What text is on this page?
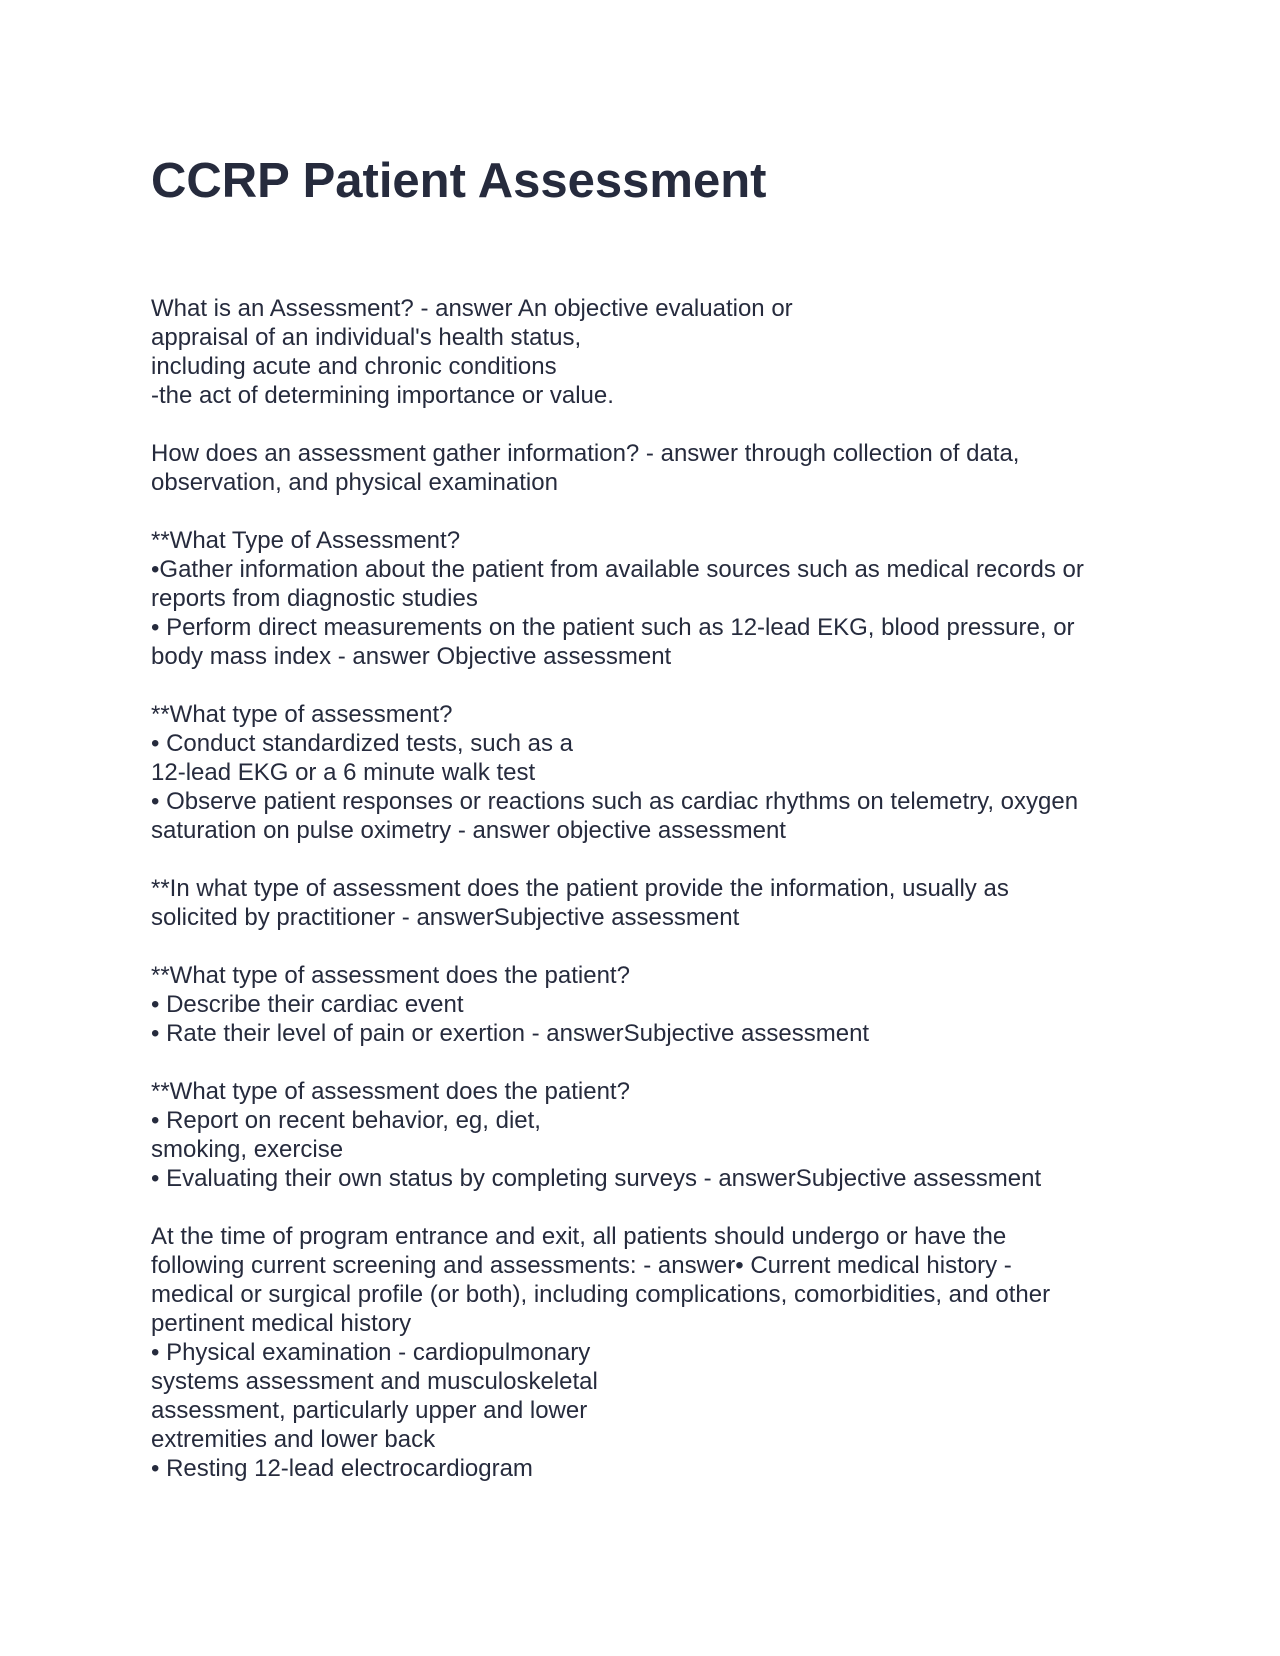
CCRP Patient Assessment
What is an Assessment? - answer An objective evaluation or
appraisal of an individual's health status,
including acute and chronic conditions
-the act of determining importance or value.
How does an assessment gather information? - answer through collection of data,
observation, and physical examination
**What Type of Assessment?
•Gather information about the patient from available sources such as medical records or
reports from diagnostic studies
• Perform direct measurements on the patient such as 12-lead EKG, blood pressure, or
body mass index - answer Objective assessment
**What type of assessment?
• Conduct standardized tests, such as a
12-lead EKG or a 6 minute walk test
• Observe patient responses or reactions such as cardiac rhythms on telemetry, oxygen
saturation on pulse oximetry - answer objective assessment
**In what type of assessment does the patient provide the information, usually as
solicited by practitioner - answerSubjective assessment
**What type of assessment does the patient?
• Describe their cardiac event
• Rate their level of pain or exertion - answerSubjective assessment
**What type of assessment does the patient?
• Report on recent behavior, eg, diet,
smoking, exercise
• Evaluating their own status by completing surveys - answerSubjective assessment
At the time of program entrance and exit, all patients should undergo or have the
following current screening and assessments: - answer• Current medical history -
medical or surgical profile (or both), including complications, comorbidities, and other
pertinent medical history
• Physical examination - cardiopulmonary
systems assessment and musculoskeletal
assessment, particularly upper and lower
extremities and lower back
• Resting 12-lead electrocardiogram
